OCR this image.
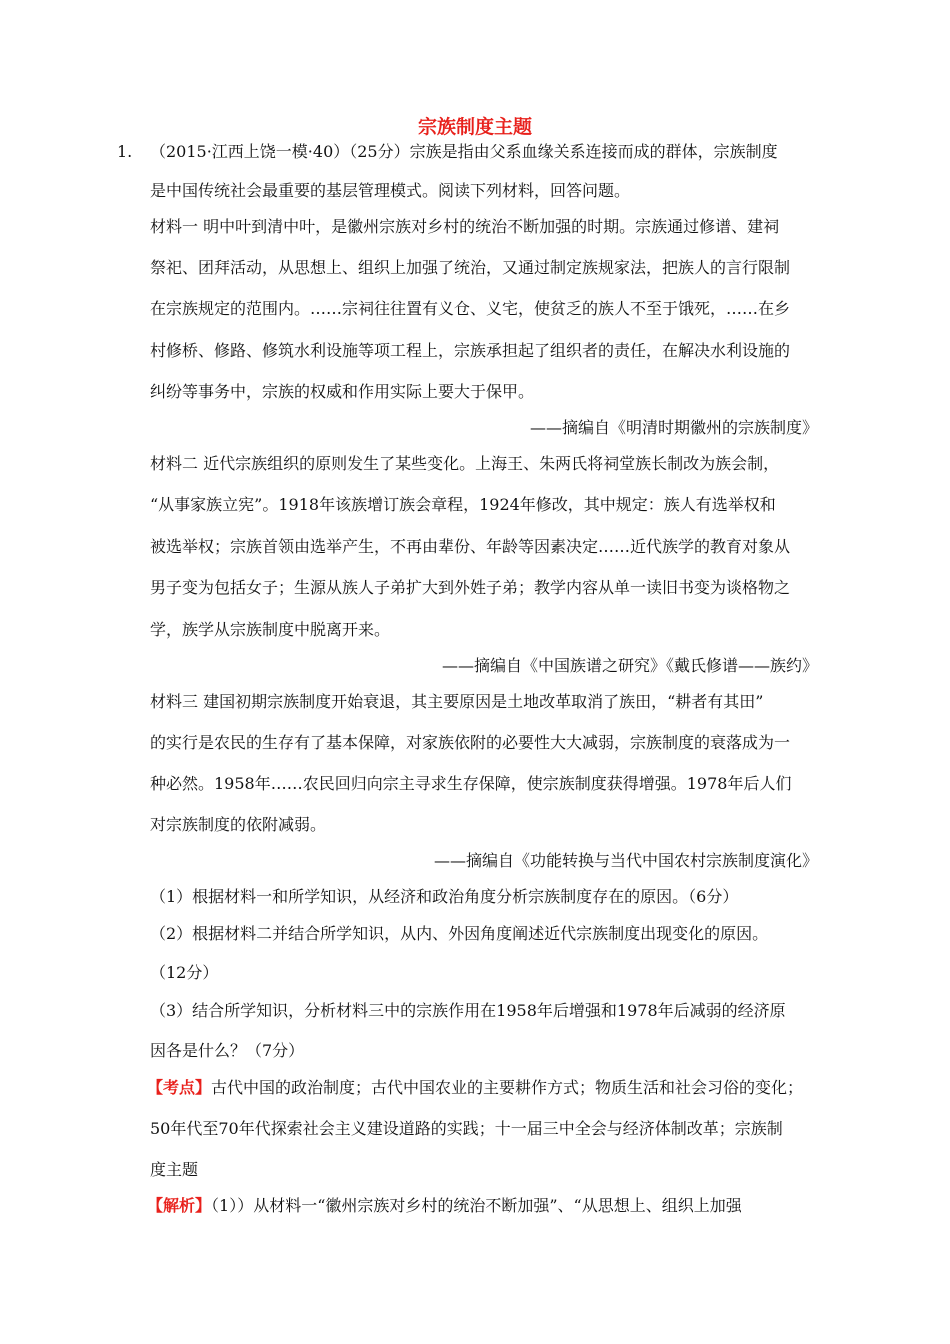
宗族制度主题
1. （2015·江西上饶一模·40）（25分）宗族是指由父系血缘关系连接而成的群体，宗族制度
是中国传统社会最重要的基层管理模式。阅读下列材料，回答问题。
材料一 明中叶到清中叶，是徽州宗族对乡村的统治不断加强的时期。宗族通过修谱、建祠
祭祀、团拜活动，从思想上、组织上加强了统治，又通过制定族规家法，把族人的言行限制
在宗族规定的范围内。……宗祠往往置有义仓、义宅，使贫乏的族人不至于饿死，……在乡
村修桥、修路、修筑水利设施等项工程上，宗族承担起了组织者的责任，在解决水利设施的
纠纷等事务中，宗族的权威和作用实际上要大于保甲。
——摘编自《明清时期徽州的宗族制度》
材料二 近代宗族组织的原则发生了某些变化。上海王、朱两氏将祠堂族长制改为族会制，
“从事家族立宪”。1918年该族增订族会章程，1924年修改，其中规定：族人有选举权和
被选举权；宗族首领由选举产生，不再由辈份、年龄等因素决定……近代族学的教育对象从
男子变为包括女子；生源从族人子弟扩大到外姓子弟；教学内容从单一读旧书变为谈格物之
学，族学从宗族制度中脱离开来。
——摘编自《中国族谱之研究》《戴氏修谱——族约》
材料三 建国初期宗族制度开始衰退，其主要原因是土地改革取消了族田，“耕者有其田”
的实行是农民的生存有了基本保障，对家族依附的必要性大大减弱，宗族制度的衰落成为一
种必然。1958年……农民回归向宗主寻求生存保障，使宗族制度获得增强。1978年后人们
对宗族制度的依附减弱。
——摘编自《功能转换与当代中国农村宗族制度演化》
（1）根据材料一和所学知识，从经济和政治角度分析宗族制度存在的原因。（6分）
（2）根据材料二并结合所学知识，从内、外因角度阐述近代宗族制度出现变化的原因。
（12分）
（3）结合所学知识，分析材料三中的宗族作用在1958年后增强和1978年后减弱的经济原
因各是什么？（7分）
【考点】古代中国的政治制度；古代中国农业的主要耕作方式；物质生活和社会习俗的变化；
50年代至70年代探索社会主义建设道路的实践；十一届三中全会与经济体制改革；宗族制
度主题
【解析】（1））从材料一“徽州宗族对乡村的统治不断加强”、“从思想上、组织上加强
